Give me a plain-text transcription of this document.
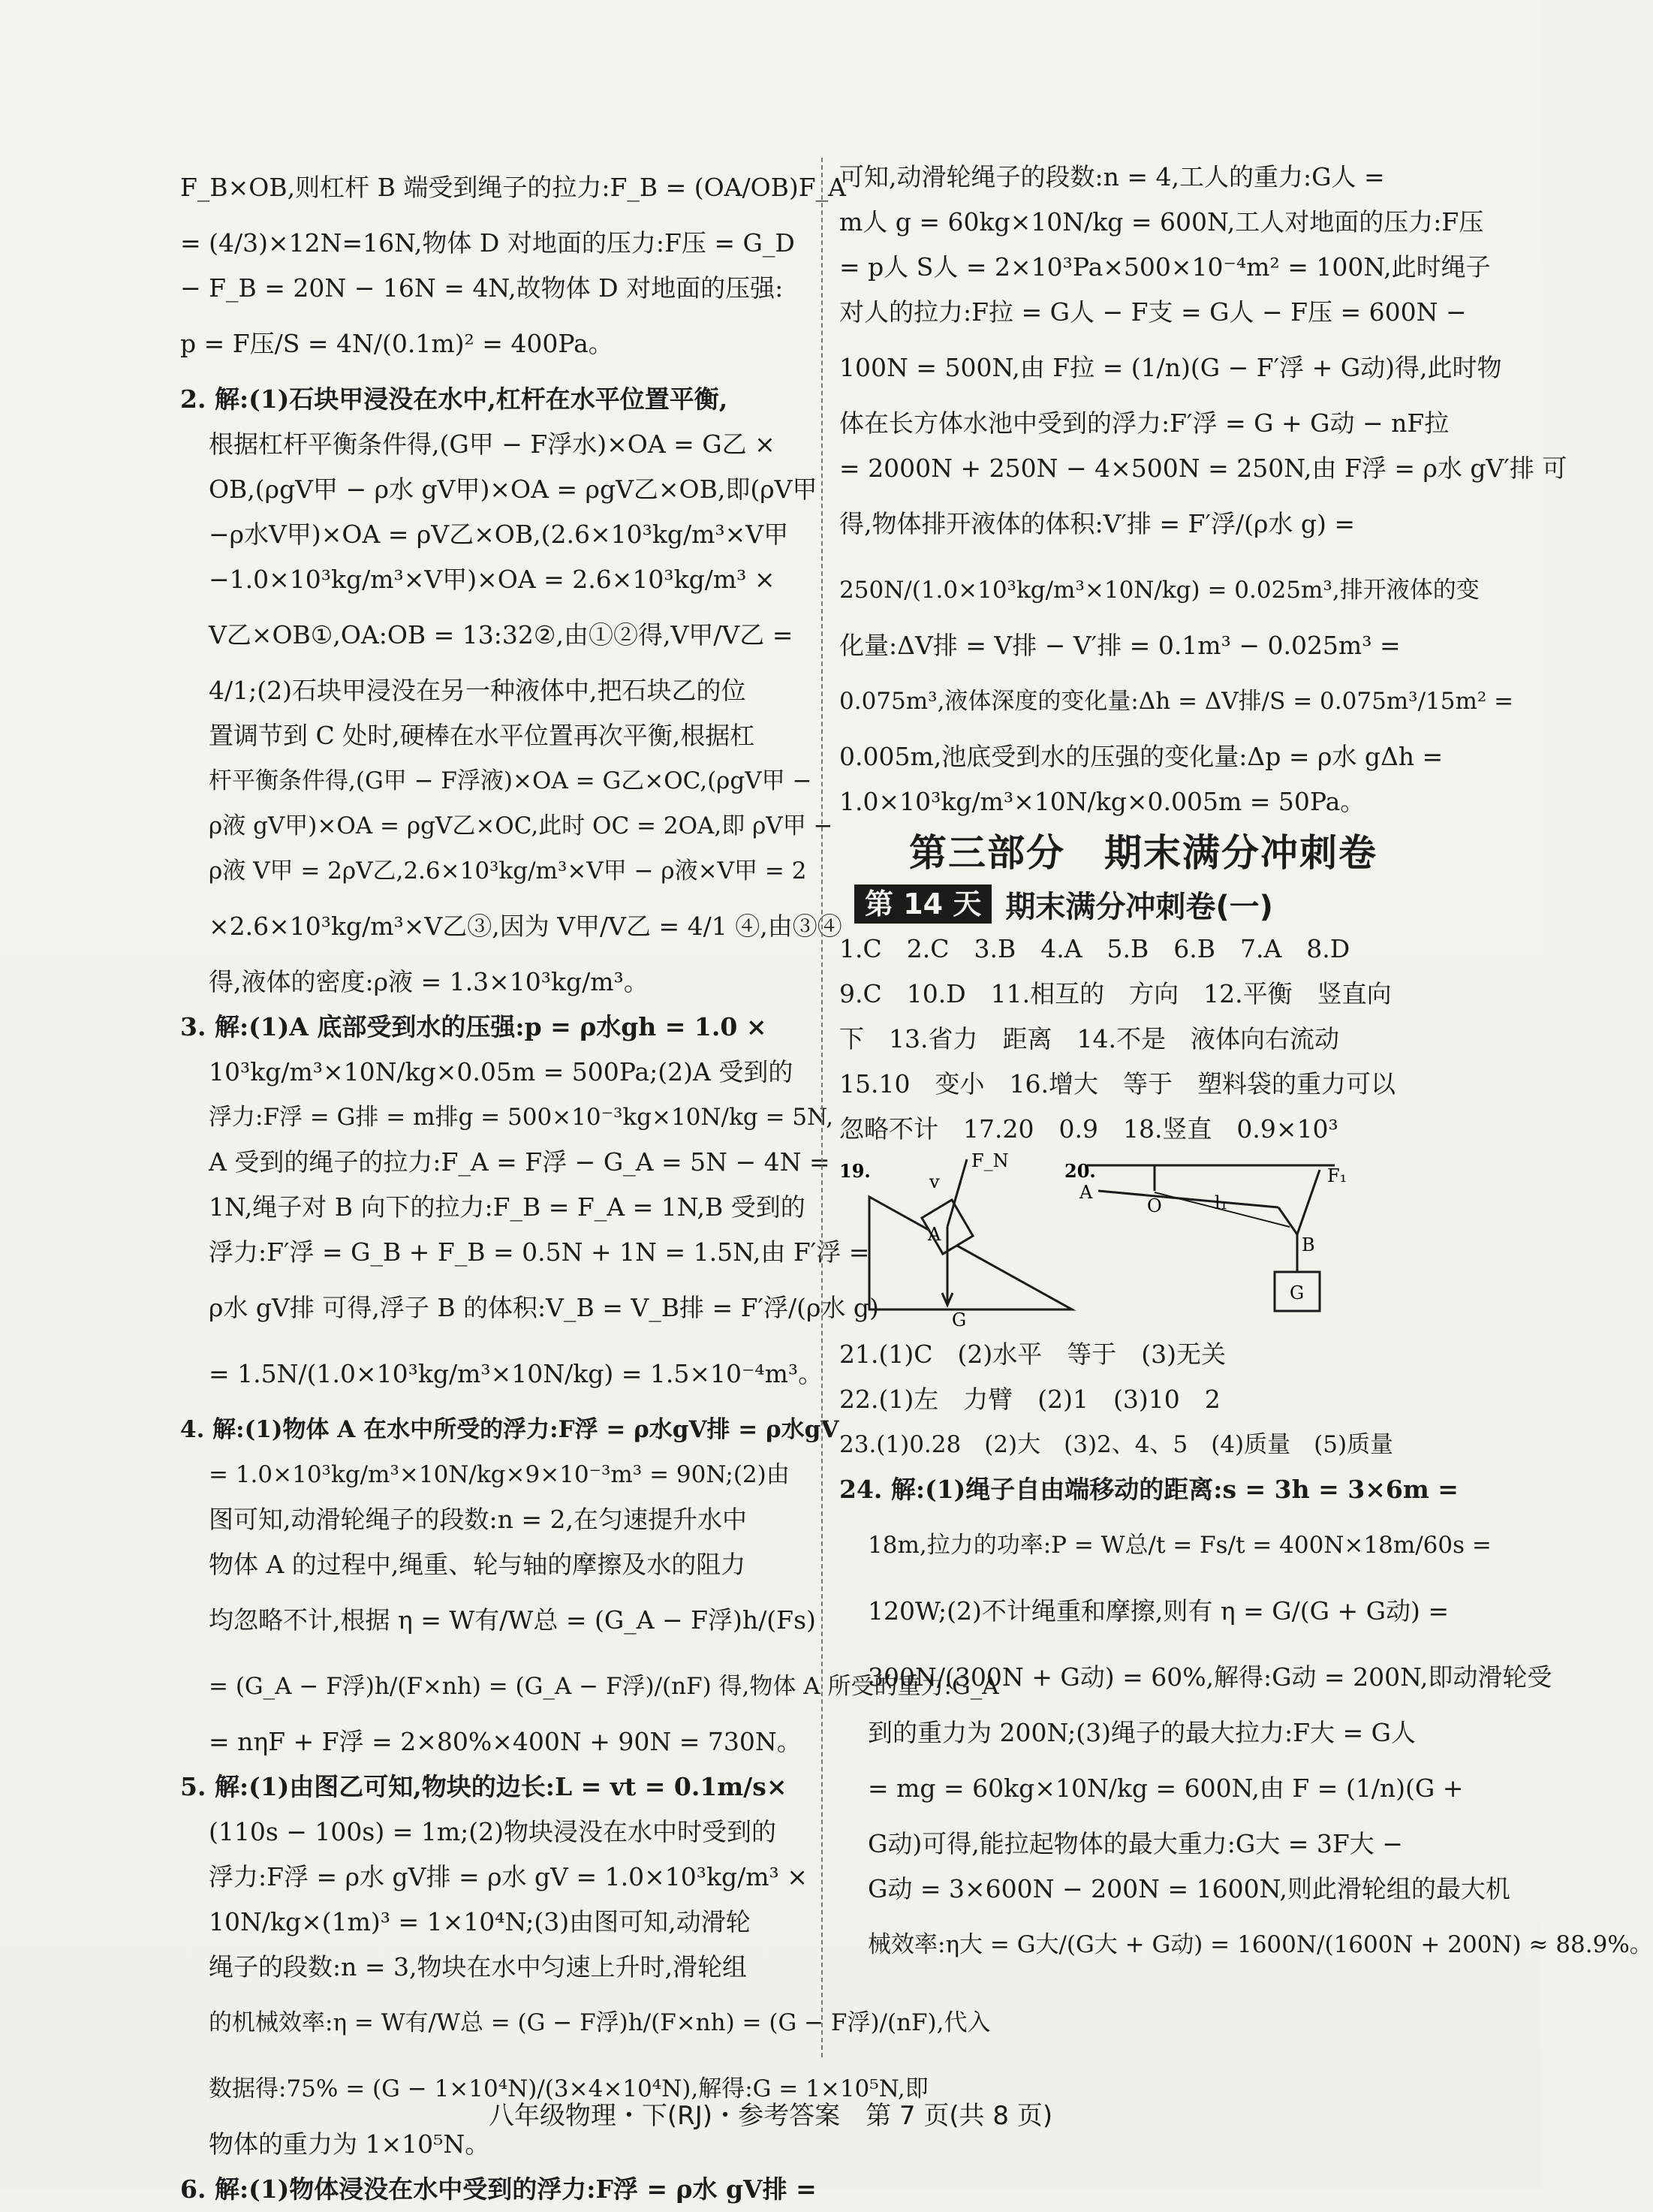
F_B×OB,则杠杆 B 端受到绳子的拉力:F_B = (OA/OB)F_A
= (4/3)×12N=16N,物体 D 对地面的压力:F压 = G_D
− F_B = 20N − 16N = 4N,故物体 D 对地面的压强:
p = F压/S = 4N/(0.1m)² = 400Pa。
2. 解:(1)石块甲浸没在水中,杠杆在水平位置平衡,
根据杠杆平衡条件得,(G甲 − F浮水)×OA = G乙 ×
OB,(ρgV甲 − ρ水 gV甲)×OA = ρgV乙×OB,即(ρV甲
−ρ水V甲)×OA = ρV乙×OB,(2.6×10³kg/m³×V甲
−1.0×10³kg/m³×V甲)×OA = 2.6×10³kg/m³ ×
V乙×OB①,OA:OB = 13:32②,由①②得,V甲/V乙 =
4/1;(2)石块甲浸没在另一种液体中,把石块乙的位
置调节到 C 处时,硬棒在水平位置再次平衡,根据杠
杆平衡条件得,(G甲 − F浮液)×OA = G乙×OC,(ρgV甲 −
ρ液 gV甲)×OA = ρgV乙×OC,此时 OC = 2OA,即 ρV甲 −
ρ液 V甲 = 2ρV乙,2.6×10³kg/m³×V甲 − ρ液×V甲 = 2
×2.6×10³kg/m³×V乙③,因为 V甲/V乙 = 4/1 ④,由③④
得,液体的密度:ρ液 = 1.3×10³kg/m³。
3. 解:(1)A 底部受到水的压强:p = ρ水gh = 1.0 ×
10³kg/m³×10N/kg×0.05m = 500Pa;(2)A 受到的
浮力:F浮 = G排 = m排g = 500×10⁻³kg×10N/kg = 5N,
A 受到的绳子的拉力:F_A = F浮 − G_A = 5N − 4N =
1N,绳子对 B 向下的拉力:F_B = F_A = 1N,B 受到的
浮力:F′浮 = G_B + F_B = 0.5N + 1N = 1.5N,由 F′浮 =
ρ水 gV排 可得,浮子 B 的体积:V_B = V_B排 = F′浮/(ρ水 g)
= 1.5N/(1.0×10³kg/m³×10N/kg) = 1.5×10⁻⁴m³。
4. 解:(1)物体 A 在水中所受的浮力:F浮 = ρ水gV排 = ρ水gV
= 1.0×10³kg/m³×10N/kg×9×10⁻³m³ = 90N;(2)由
图可知,动滑轮绳子的段数:n = 2,在匀速提升水中
物体 A 的过程中,绳重、轮与轴的摩擦及水的阻力
均忽略不计,根据 η = W有/W总 = (G_A − F浮)h/(Fs)
= (G_A − F浮)h/(F×nh) = (G_A − F浮)/(nF) 得,物体 A 所受的重力:G_A
= nηF + F浮 = 2×80%×400N + 90N = 730N。
5. 解:(1)由图乙可知,物块的边长:L = vt = 0.1m/s×
(110s − 100s) = 1m;(2)物块浸没在水中时受到的
浮力:F浮 = ρ水 gV排 = ρ水 gV = 1.0×10³kg/m³ ×
10N/kg×(1m)³ = 1×10⁴N;(3)由图可知,动滑轮
绳子的段数:n = 3,物块在水中匀速上升时,滑轮组
的机械效率:η = W有/W总 = (G − F浮)h/(F×nh) = (G − F浮)/(nF),代入
数据得:75% = (G − 1×10⁴N)/(3×4×10⁴N),解得:G = 1×10⁵N,即
物体的重力为 1×10⁵N。
6. 解:(1)物体浸没在水中受到的浮力:F浮 = ρ水 gV排 =
可知,动滑轮绳子的段数:n = 4,工人的重力:G人 =
m人 g = 60kg×10N/kg = 600N,工人对地面的压力:F压
= p人 S人 = 2×10³Pa×500×10⁻⁴m² = 100N,此时绳子
对人的拉力:F拉 = G人 − F支 = G人 − F压 = 600N −
100N = 500N,由 F拉 = (1/n)(G − F′浮 + G动)得,此时物
体在长方体水池中受到的浮力:F′浮 = G + G动 − nF拉
= 2000N + 250N − 4×500N = 250N,由 F浮 = ρ水 gV′排 可
得,物体排开液体的体积:V′排 = F′浮/(ρ水 g) =
250N/(1.0×10³kg/m³×10N/kg) = 0.025m³,排开液体的变
化量:ΔV排 = V排 − V′排 = 0.1m³ − 0.025m³ =
0.075m³,液体深度的变化量:Δh = ΔV排/S = 0.075m³/15m² =
0.005m,池底受到水的压强的变化量:Δp = ρ水 gΔh =
1.0×10³kg/m³×10N/kg×0.005m = 50Pa。
第三部分　期末满分冲刺卷
第 14 天 期末满分冲刺卷(一)
1.C　2.C　3.B　4.A　5.B　6.B　7.A　8.D
9.C　10.D　11.相互的　方向　12.平衡　竖直向
下　13.省力　距离　14.不是　液体向右流动
15.10　变小　16.增大　等于　塑料袋的重力可以
忽略不计　17.20　0.9　18.竖直　0.9×10³
19.	F_N
v
A
G
20.
A
O	l₁
F₁
B
G
21.(1)C　(2)水平　等于　(3)无关
22.(1)左　力臂　(2)1　(3)10　2
23.(1)0.28　(2)大　(3)2、4、5　(4)质量　(5)质量
24. 解:(1)绳子自由端移动的距离:s = 3h = 3×6m =
18m,拉力的功率:P = W总/t = Fs/t = 400N×18m/60s =
120W;(2)不计绳重和摩擦,则有 η = G/(G + G动) =
300N/(300N + G动) = 60%,解得:G动 = 200N,即动滑轮受
到的重力为 200N;(3)绳子的最大拉力:F大 = G人
= mg = 60kg×10N/kg = 600N,由 F = (1/n)(G +
G动)可得,能拉起物体的最大重力:G大 = 3F大 −
G动 = 3×600N − 200N = 1600N,则此滑轮组的最大机
械效率:η大 = G大/(G大 + G动) = 1600N/(1600N + 200N) ≈ 88.9%。
八年级物理・下(RJ)・参考答案　第 7 页(共 8 页)
